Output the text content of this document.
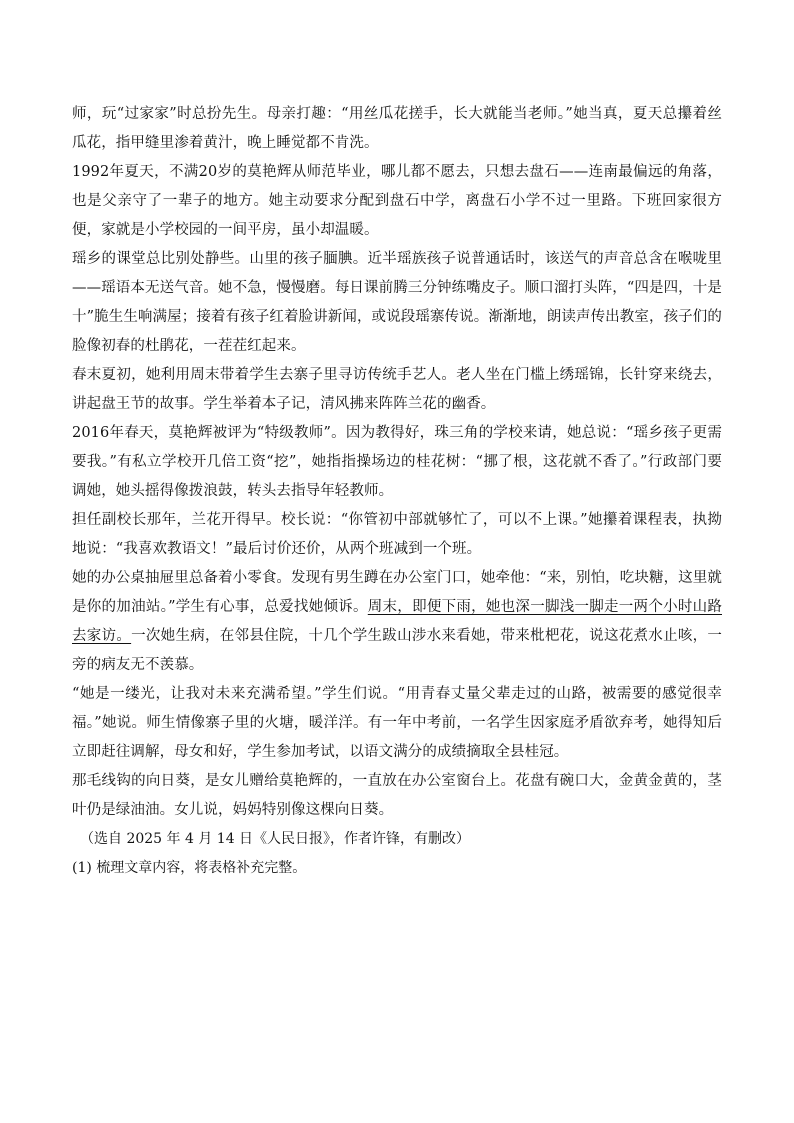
师，玩“过家家”时总扮先生。母亲打趣：“用丝瓜花搓手，长大就能当老师。”她当真，夏天总攥着丝瓜花，指甲缝里渗着黄汁，晚上睡觉都不肯洗。

1992年夏天，不满20岁的莫艳辉从师范毕业，哪儿都不愿去，只想去盘石——连南最偏远的角落，也是父亲守了一辈子的地方。她主动要求分配到盘石中学，离盘石小学不过一里路。下班回家很方便，家就是小学校园的一间平房，虽小却温暖。

瑶乡的课堂总比别处静些。山里的孩子腼腆。近半瑶族孩子说普通话时，该送气的声音总含在喉咙里——瑶语本无送气音。她不急，慢慢磨。每日课前腾三分钟练嘴皮子。顺口溜打头阵，“四是四，十是十”脆生生响满屋；接着有孩子红着脸讲新闻，或说段瑶寨传说。渐渐地，朗读声传出教室，孩子们的脸像初春的杜鹃花，一茬茬红起来。

春末夏初，她利用周末带着学生去寨子里寻访传统手艺人。老人坐在门槛上绣瑶锦，长针穿来绕去，讲起盘王节的故事。学生举着本子记，清风拂来阵阵兰花的幽香。

2016年春天，莫艳辉被评为“特级教师”。因为教得好，珠三角的学校来请，她总说：“瑶乡孩子更需要我。”有私立学校开几倍工资“挖”，她指指操场边的桂花树：“挪了根，这花就不香了。”行政部门要调她，她头摇得像拨浪鼓，转头去指导年轻教师。

担任副校长那年，兰花开得早。校长说：“你管初中部就够忙了，可以不上课。”她攥着课程表，执拗地说：“我喜欢教语文！”最后讨价还价，从两个班减到一个班。

她的办公桌抽屉里总备着小零食。发现有男生蹲在办公室门口，她牵他：“来，别怕，吃块糖，这里就是你的加油站。”学生有心事，总爱找她倾诉。周末，即便下雨，她也深一脚浅一脚走一两个小时山路去家访。一次她生病，在邻县住院，十几个学生跋山涉水来看她，带来枇杷花，说这花煮水止咳，一旁的病友无不羡慕。

“她是一缕光，让我对未来充满希望。”学生们说。“用青春丈量父辈走过的山路，被需要的感觉很幸福。”她说。师生情像寨子里的火塘，暖洋洋。有一年中考前，一名学生因家庭矛盾欲弃考，她得知后立即赶往调解，母女和好，学生参加考试，以语文满分的成绩摘取全县桂冠。

那毛线钩的向日葵，是女儿赠给莫艳辉的，一直放在办公室窗台上。花盘有碗口大，金黄金黄的，茎叶仍是绿油油。女儿说，妈妈特别像这棵向日葵。

（选自 2025 年 4 月 14 日《人民日报》，作者许锋，有删改）

(1) 梳理文章内容，将表格补充完整。
